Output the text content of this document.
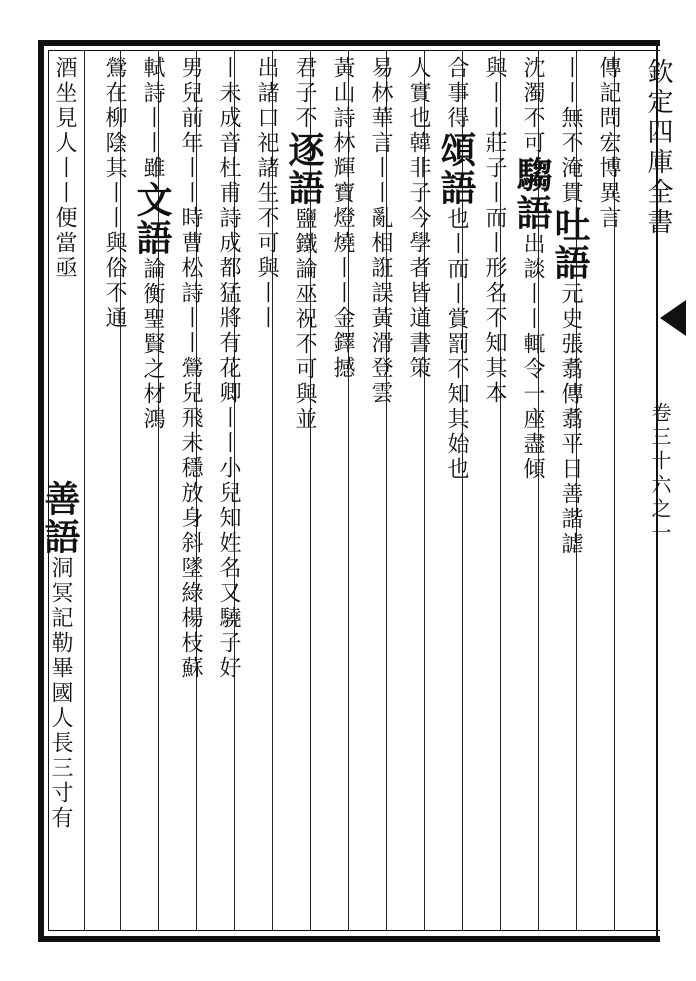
欽定四庫全書
卷三十六之一
傳記問宏博異言
丨丨無不淹貫吐語元史張翥傳翥平日善諧謔
沈濁不可騶語出談丨丨輒令一座盡傾
與丨丨莊子丨而丨形名不知其本
合事得頌語也丨而丨賞罰不知其始也
人實也韓非子今學者皆道書策
易林華言丨丨亂相誑誤黃滑登雲
黃山詩林輝寶燈燒丨丨金鐸撼
君子不逐語鹽鐵論巫祝不可與並
出諸口祀諸生不可與丨丨
丨未成音杜甫詩成都猛將有花卿丨丨小兒知姓名又驍子好
男兒前年丨丨時曹松詩丨丨鶯兒飛未穩放身斜墜綠楊枝蘇
軾詩丨丨雖文語論衡聖賢之材鴻
鶯在柳陰其丨丨與俗不通
酒坐見人丨丨便當亟
善語洞冥記勒畢國人長三寸有
